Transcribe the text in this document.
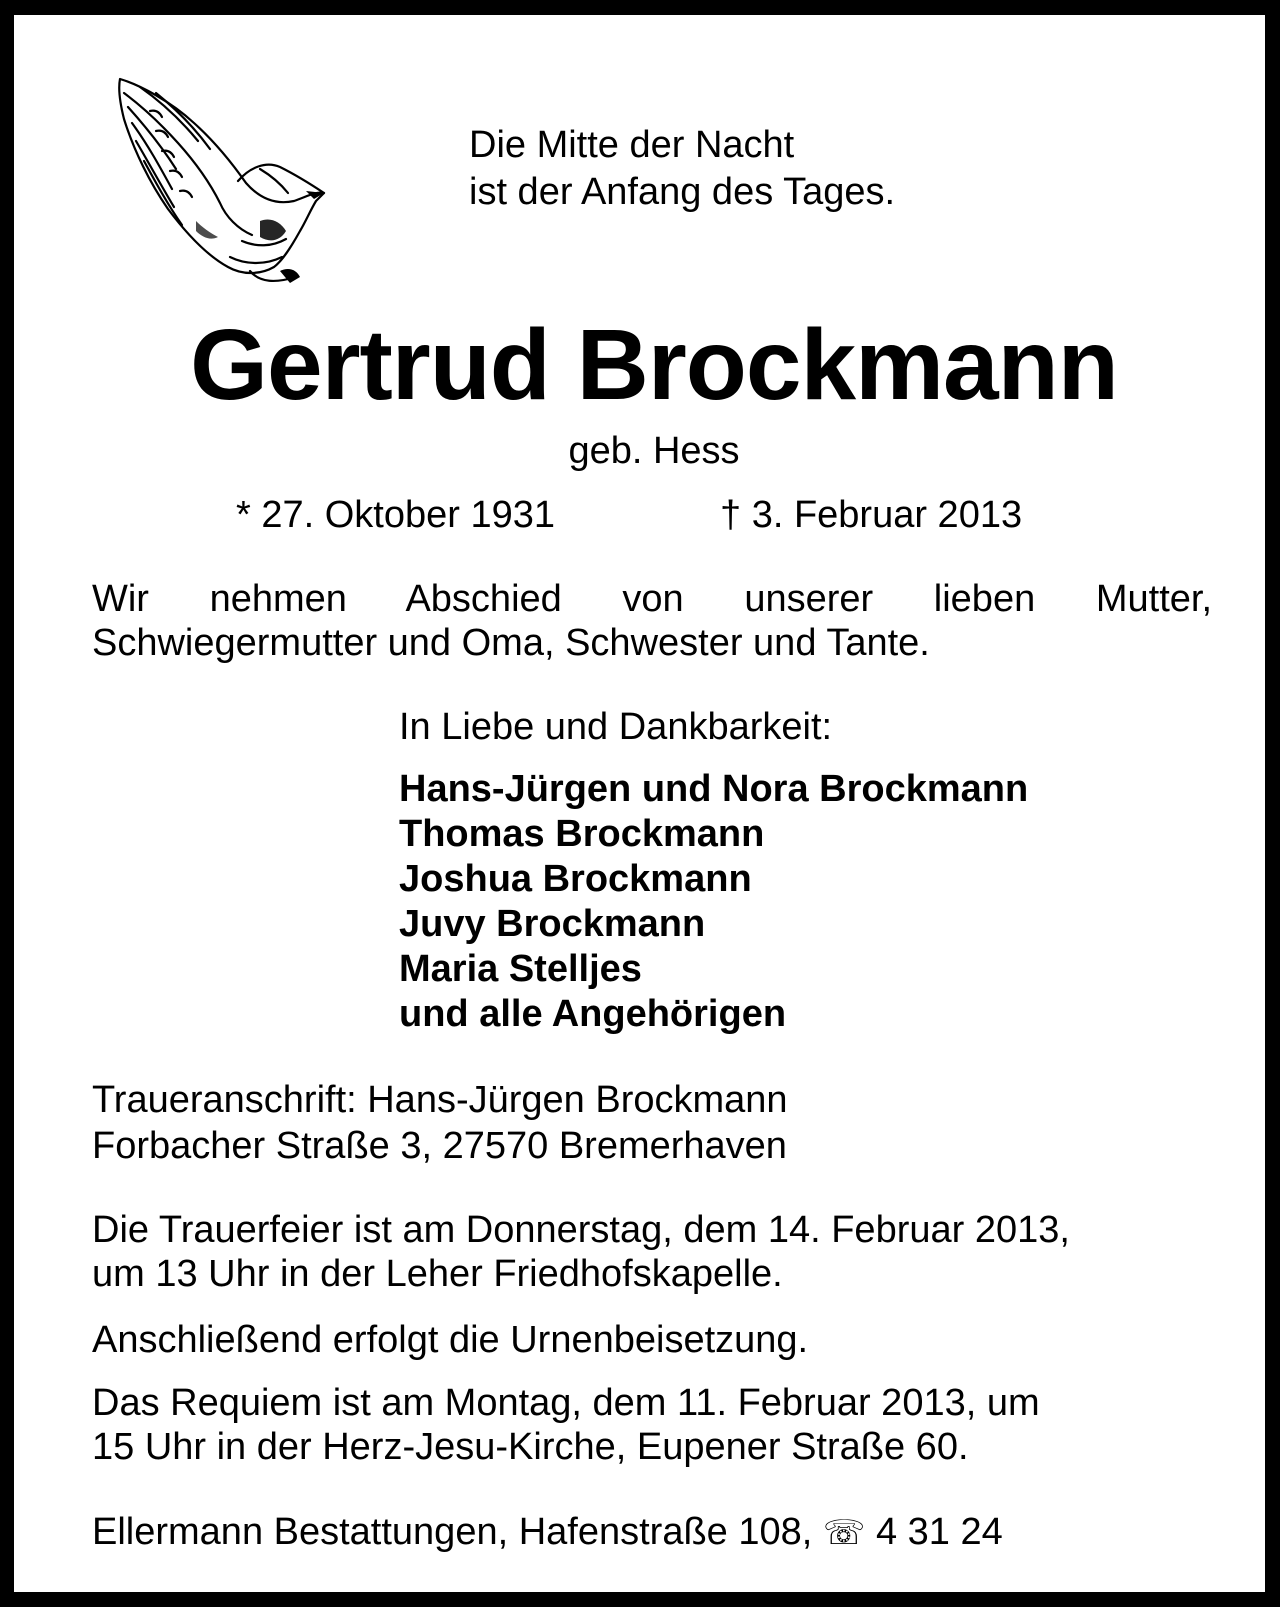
Die Mitte der Nacht
ist der Anfang des Tages.
Gertrud Brockmann
geb. Hess
* 27. Oktober 1931	† 3. Februar 2013
Wir nehmen Abschied von unserer lieben Mutter,
Schwiegermutter und Oma, Schwester und Tante.
In Liebe und Dankbarkeit:
Hans-Jürgen und Nora Brockmann
Thomas Brockmann
Joshua Brockmann
Juvy Brockmann
Maria Stelljes
und alle Angehörigen
Traueranschrift: Hans-Jürgen Brockmann
Forbacher Straße 3, 27570 Bremerhaven
Die Trauerfeier ist am Donnerstag, dem 14. Februar 2013,
um 13 Uhr in der Leher Friedhofskapelle.
Anschließend erfolgt die Urnenbeisetzung.
Das Requiem ist am Montag, dem 11. Februar 2013, um
15 Uhr in der Herz-Jesu-Kirche, Eupener Straße 60.
Ellermann Bestattungen, Hafenstraße 108, ☏ 4 31 24
